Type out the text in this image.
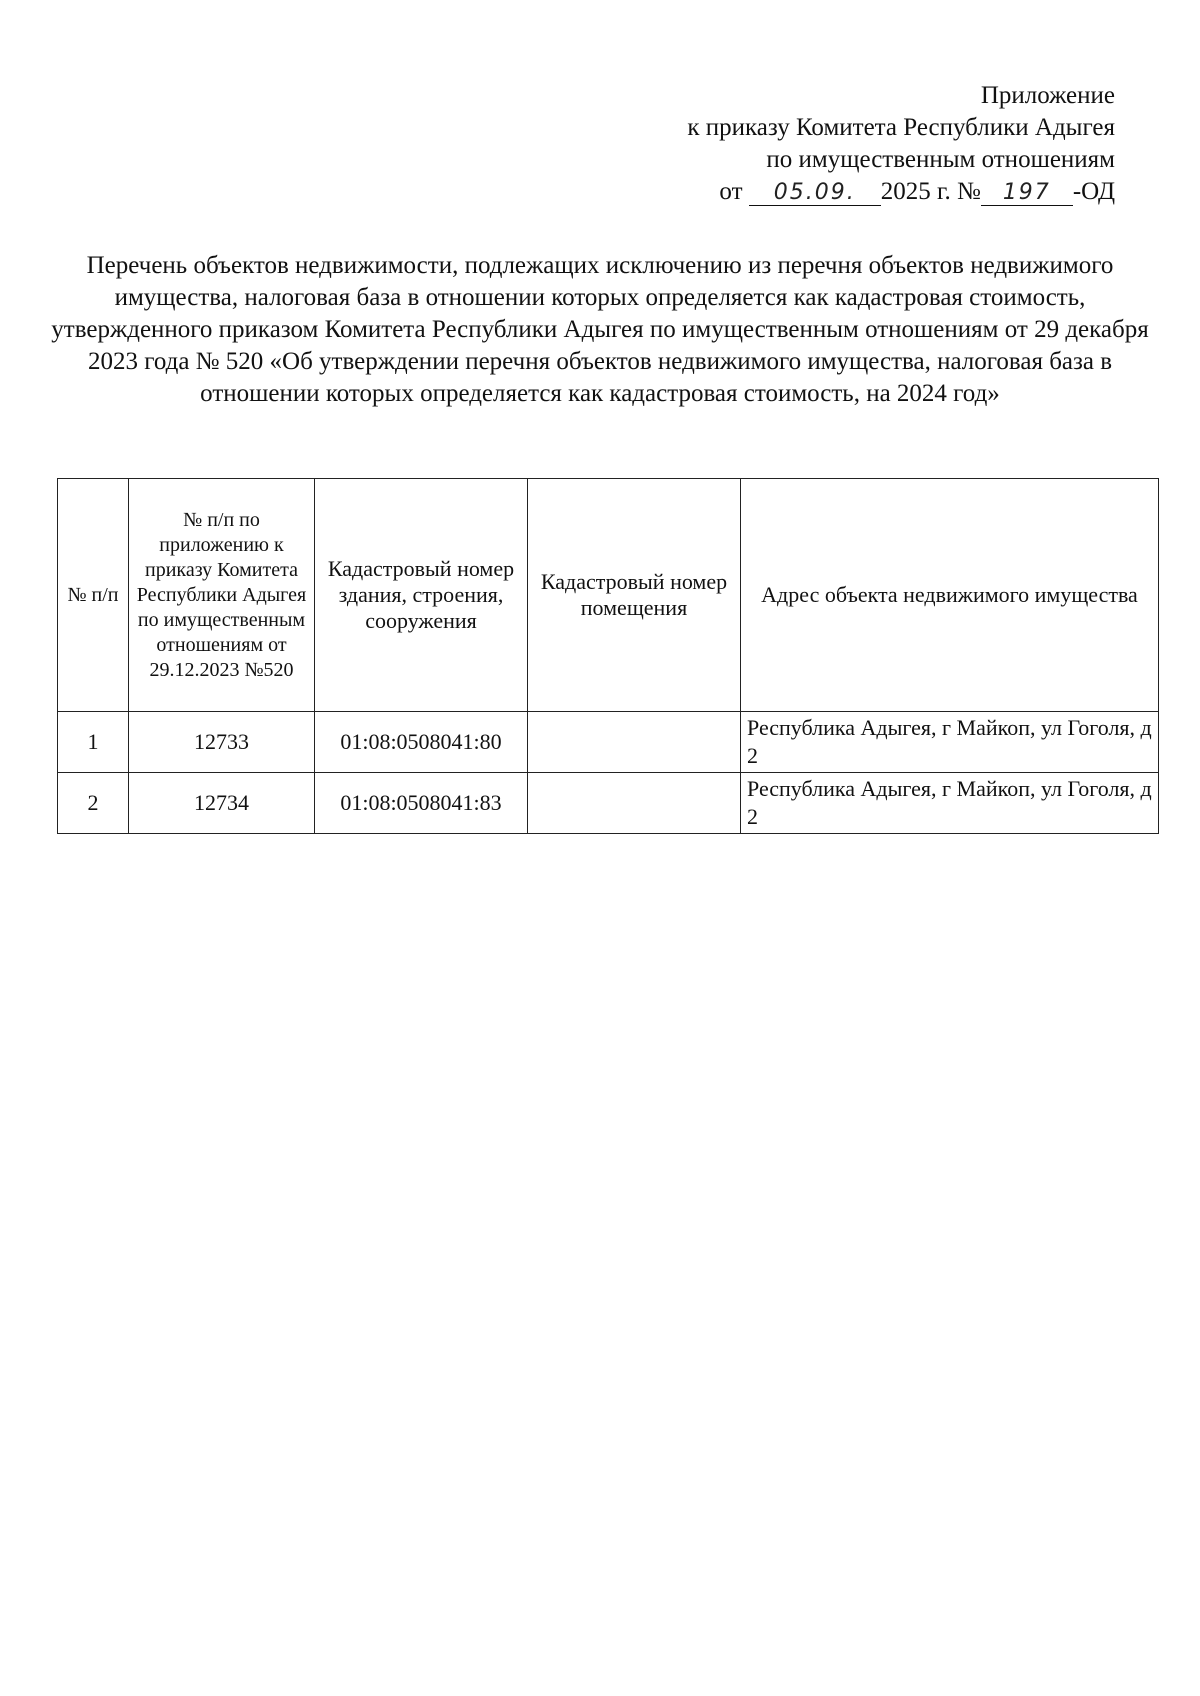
Приложение
к приказу Комитета Республики Адыгея
по имущественным отношениям
от 05.09. 2025 г. № 197 -ОД

Перечень объектов недвижимости, подлежащих исключению из перечня объектов недвижимого имущества, налоговая база в отношении которых определяется как кадастровая стоимость, утвержденного приказом Комитета Республики Адыгея по имущественным отношениям от 29 декабря 2023 года № 520 «Об утверждении перечня объектов недвижимого имущества, налоговая база в отношении которых определяется как кадастровая стоимость, на 2024 год»

№ п/п	№ п/п по приложению к приказу Комитета Республики Адыгея по имущественным отношениям от 29.12.2023 №520	Кадастровый номер здания, строения, сооружения	Кадастровый номер помещения	Адрес объекта недвижимого имущества
1	12733	01:08:0508041:80		Республика Адыгея, г Майкоп, ул Гоголя, д 2
2	12734	01:08:0508041:83		Республика Адыгея, г Майкоп, ул Гоголя, д 2
